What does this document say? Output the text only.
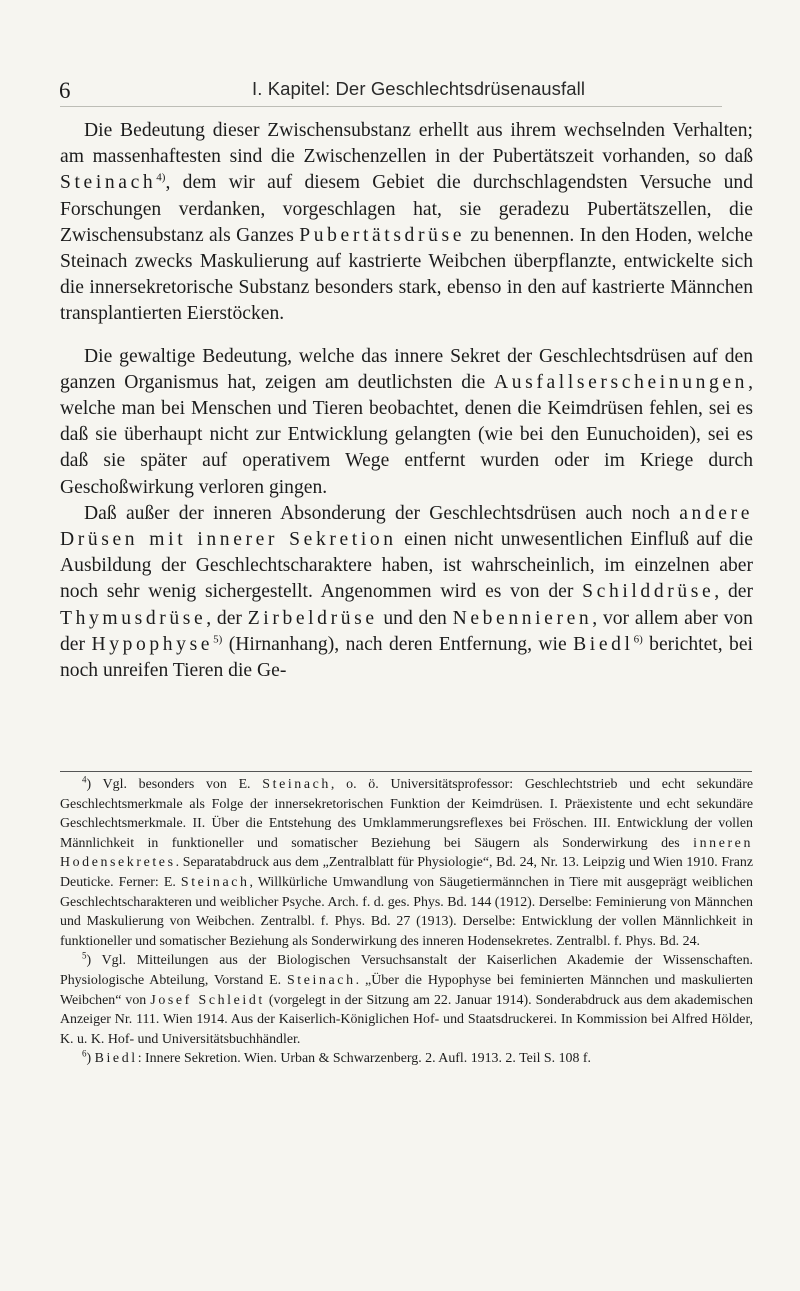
6	I. Kapitel: Der Geschlechtsdrüsenausfall

Die Bedeutung dieser Zwischensubstanz erhellt aus ihrem wechselnden Verhalten; am massenhaftesten sind die Zwischenzellen in der Pubertätszeit vorhanden, so daß Steinach$^{4)}$, dem wir auf diesem Gebiet die durchschlagendsten Versuche und Forschungen verdanken, vorgeschlagen hat, sie geradezu Pubertätszellen, die Zwischensubstanz als Ganzes Pubertätsdrüse zu benennen. In den Hoden, welche Steinach zwecks Maskulierung auf kastrierte Weibchen überpflanzte, entwickelte sich die innersekretorische Substanz besonders stark, ebenso in den auf kastrierte Männchen transplantierten Eierstöcken.

Die gewaltige Bedeutung, welche das innere Sekret der Geschlechtsdrüsen auf den ganzen Organismus hat, zeigen am deutlichsten die Ausfallserscheinungen, welche man bei Menschen und Tieren beobachtet, denen die Keimdrüsen fehlen, sei es daß sie überhaupt nicht zur Entwicklung gelangten (wie bei den Eunuchoiden), sei es daß sie später auf operativem Wege entfernt wurden oder im Kriege durch Geschoßwirkung verloren gingen.

Daß außer der inneren Absonderung der Geschlechtsdrüsen auch noch andere Drüsen mit innerer Sekretion einen nicht unwesentlichen Einfluß auf die Ausbildung der Geschlechtscharaktere haben, ist wahrscheinlich, im einzelnen aber noch sehr wenig sichergestellt. Angenommen wird es von der Schilddrüse, der Thymusdrüse, der Zirbeldrüse und den Nebennieren, vor allem aber von der Hypophyse$^{5)}$ (Hirnanhang), nach deren Entfernung, wie Biedl$^{6)}$ berichtet, bei noch unreifen Tieren die Ge-

$^4$) Vgl. besonders von E. Steinach, o. ö. Universitätsprofessor: Geschlechtstrieb und echt sekundäre Geschlechtsmerkmale als Folge der innersekretorischen Funktion der Keimdrüsen. I. Präexistente und echt sekundäre Geschlechtsmerkmale. II. Über die Entstehung des Umklammerungsreflexes bei Fröschen. III. Entwicklung der vollen Männlichkeit in funktioneller und somatischer Beziehung bei Säugern als Sonderwirkung des inneren Hodensekretes. Separatabdruck aus dem „Zentralblatt für Physiologie“, Bd. 24, Nr. 13. Leipzig und Wien 1910. Franz Deuticke. Ferner: E. Steinach, Willkürliche Umwandlung von Säugetiermännchen in Tiere mit ausgeprägt weiblichen Geschlechtscharakteren und weiblicher Psyche. Arch. f. d. ges. Phys. Bd. 144 (1912). Derselbe: Feminierung von Männchen und Maskulierung von Weibchen. Zentralbl. f. Phys. Bd. 27 (1913). Derselbe: Entwicklung der vollen Männlichkeit in funktioneller und somatischer Beziehung als Sonderwirkung des inneren Hodensekretes. Zentralbl. f. Phys. Bd. 24.

$^5$) Vgl. Mitteilungen aus der Biologischen Versuchsanstalt der Kaiserlichen Akademie der Wissenschaften. Physiologische Abteilung, Vorstand E. Steinach. „Über die Hypophyse bei feminierten Männchen und maskulierten Weibchen“ von Josef Schleidt (vorgelegt in der Sitzung am 22. Januar 1914). Sonderabdruck aus dem akademischen Anzeiger Nr. 111. Wien 1914. Aus der Kaiserlich-Königlichen Hof- und Staatsdruckerei. In Kommission bei Alfred Hölder, K. u. K. Hof- und Universitätsbuchhändler.

$^6$) Biedl: Innere Sekretion. Wien. Urban & Schwarzenberg. 2. Aufl. 1913. 2. Teil S. 108 f.
